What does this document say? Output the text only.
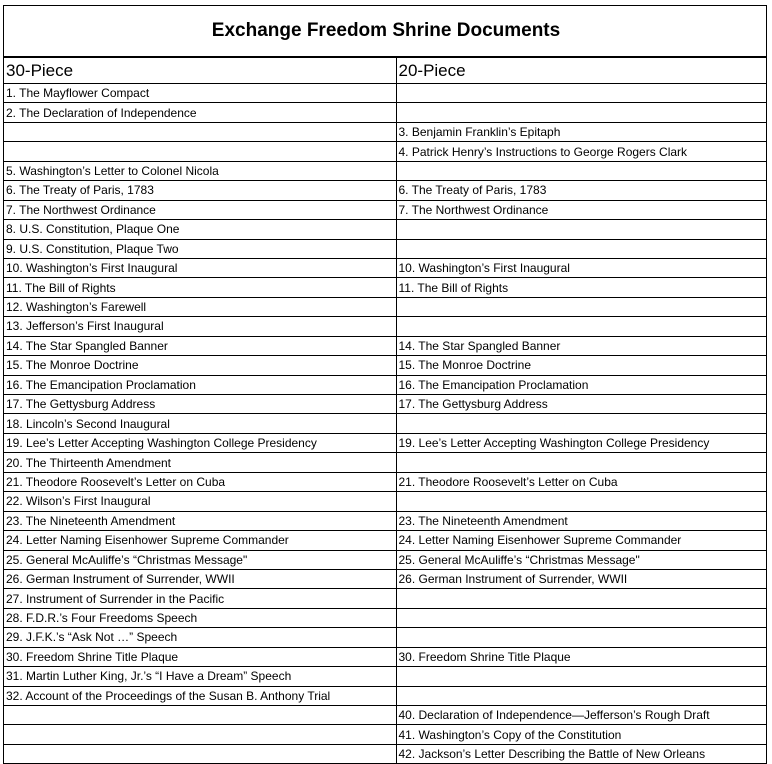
Exchange Freedom Shrine Documents	
30-Piece	20-Piece
1. The Mayflower Compact	
2. The Declaration of Independence	
	3. Benjamin Franklin’s Epitaph
	4. Patrick Henry’s Instructions to George Rogers Clark
5. Washington’s Letter to Colonel Nicola	
6. The Treaty of Paris, 1783	6. The Treaty of Paris, 1783
7. The Northwest Ordinance	7. The Northwest Ordinance
8. U.S. Constitution, Plaque One	
9. U.S. Constitution, Plaque Two	
10. Washington’s First Inaugural	10. Washington’s First Inaugural
11. The Bill of Rights	11. The Bill of Rights
12. Washington’s Farewell	
13. Jefferson’s First Inaugural	
14. The Star Spangled Banner	14. The Star Spangled Banner
15. The Monroe Doctrine	15. The Monroe Doctrine
16. The Emancipation Proclamation	16. The Emancipation Proclamation
17. The Gettysburg Address	17. The Gettysburg Address
18. Lincoln’s Second Inaugural	
19. Lee’s Letter Accepting Washington College Presidency	19. Lee’s Letter Accepting Washington College Presidency
20. The Thirteenth Amendment	
21. Theodore Roosevelt’s Letter on Cuba	21. Theodore Roosevelt’s Letter on Cuba
22. Wilson’s First Inaugural	
23. The Nineteenth Amendment	23. The Nineteenth Amendment
24. Letter Naming Eisenhower Supreme Commander	24. Letter Naming Eisenhower Supreme Commander
25. General McAuliffe’s “Christmas Message"	25. General McAuliffe’s “Christmas Message"
26. German Instrument of Surrender, WWII	26. German Instrument of Surrender, WWII
27. Instrument of Surrender in the Pacific	
28. F.D.R.’s Four Freedoms Speech	
29. J.F.K.’s “Ask Not …” Speech	
30. Freedom Shrine Title Plaque	30. Freedom Shrine Title Plaque
31. Martin Luther King, Jr.’s “I Have a Dream” Speech	
32. Account of the Proceedings of the Susan B. Anthony Trial	
	40. Declaration of Independence—Jefferson’s Rough Draft
	41. Washington’s Copy of the Constitution
	42. Jackson’s Letter Describing the Battle of New Orleans
